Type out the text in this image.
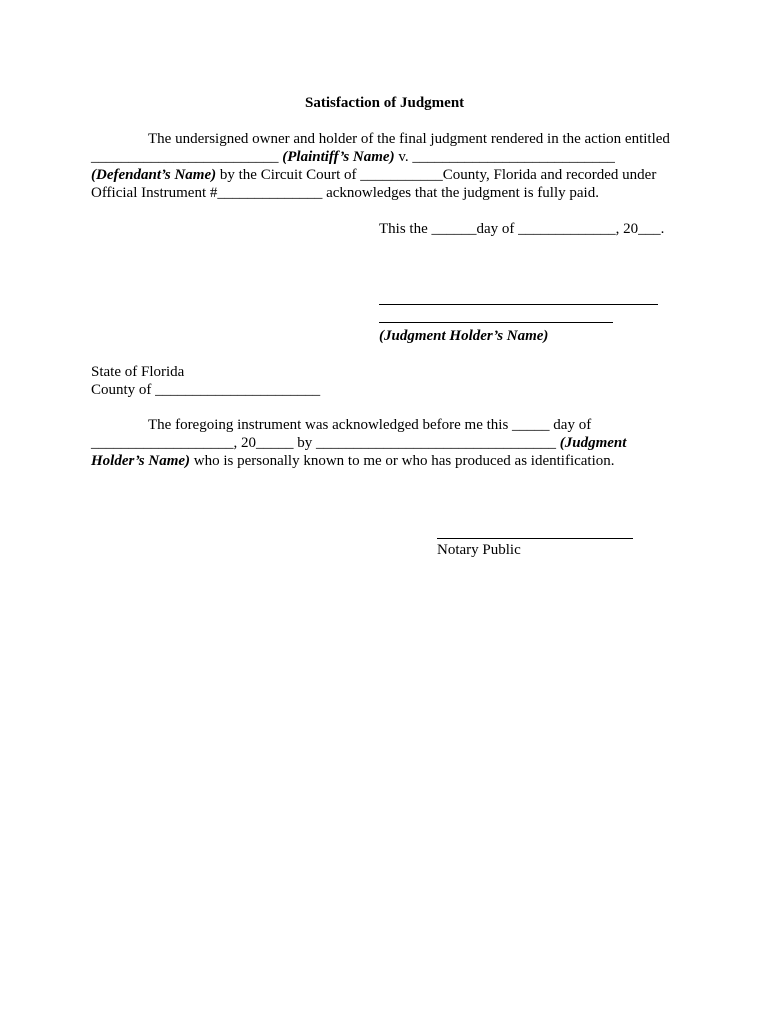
Satisfaction of Judgment
The undersigned owner and holder of the final judgment rendered in the action entitled
_________________________ (Plaintiff’s Name) v. ___________________________
(Defendant’s Name) by the Circuit Court of ___________County, Florida and recorded under
Official Instrument #______________ acknowledges that the judgment is fully paid.
This the ______day of _____________, 20___.
(Judgment Holder’s Name)
State of Florida
County of ______________________
The foregoing instrument was acknowledged before me this _____ day of
___________________, 20_____ by ________________________________ (Judgment
Holder’s Name) who is personally known to me or who has produced as identification.
Notary Public
